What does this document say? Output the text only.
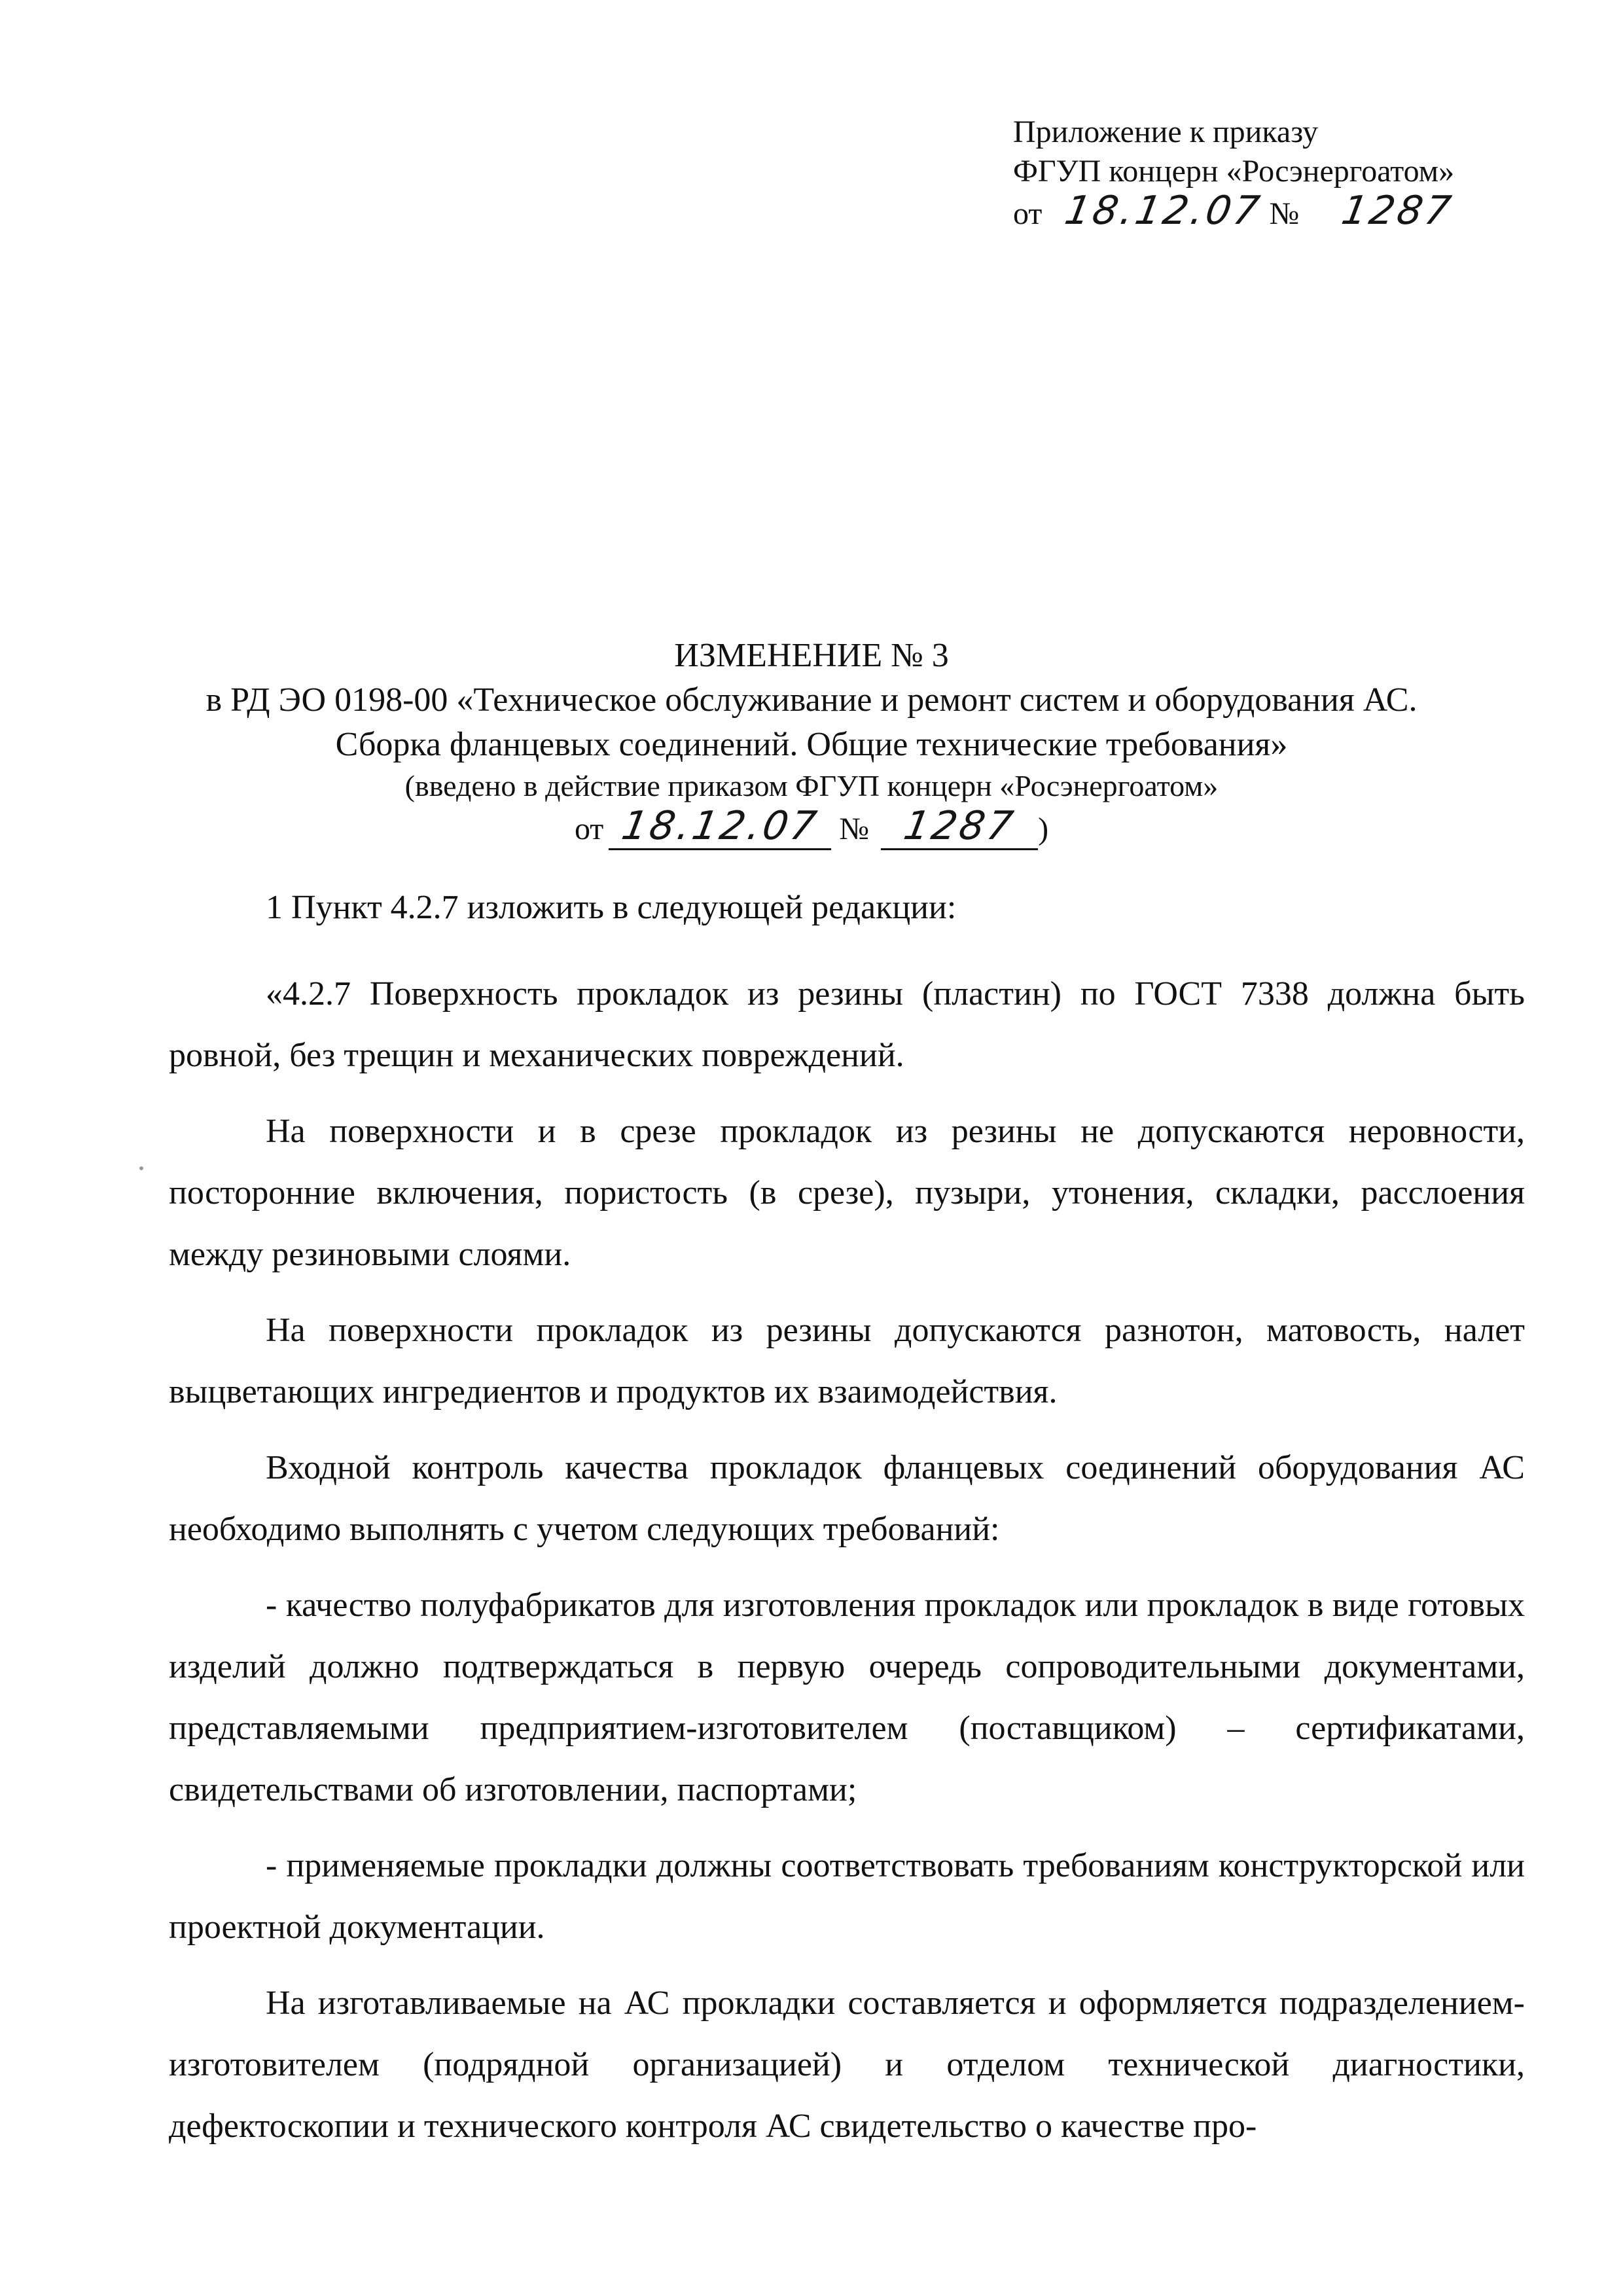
Приложение к приказу
ФГУП концерн «Росэнергоатом»
от 18.12.07 № 1287
ИЗМЕНЕНИЕ № 3
в РД ЭО 0198-00 «Техническое обслуживание и ремонт систем и оборудования АС.
Сборка фланцевых соединений. Общие технические требования»
(введено в действие приказом ФГУП концерн «Росэнергоатом»
от 18.12.07 № 1287 )

1 Пункт 4.2.7 изложить в следующей редакции:

«4.2.7 Поверхность прокладок из резины (пластин) по ГОСТ 7338 должна быть ровной, без трещин и механических повреждений.

На поверхности и в срезе прокладок из резины не допускаются неровности, посторонние включения, пористость (в срезе), пузыри, утонения, складки, расслоения между резиновыми слоями.

На поверхности прокладок из резины допускаются разнотон, матовость, налет выцветающих ингредиентов и продуктов их взаимодействия.

Входной контроль качества прокладок фланцевых соединений оборудования АС необходимо выполнять с учетом следующих требований:

- качество полуфабрикатов для изготовления прокладок или прокладок в виде готовых изделий должно подтверждаться в первую очередь сопроводительными документами, представляемыми предприятием-изготовителем (поставщиком) – сертификатами, свидетельствами об изготовлении, паспортами;

- применяемые прокладки должны соответствовать требованиям конструкторской или проектной документации.

На изготавливаемые на АС прокладки составляется и оформляется подразделением-изготовителем (подрядной организацией) и отделом технической диагностики, дефектоскопии и технического контроля АС свидетельство о качестве про-
